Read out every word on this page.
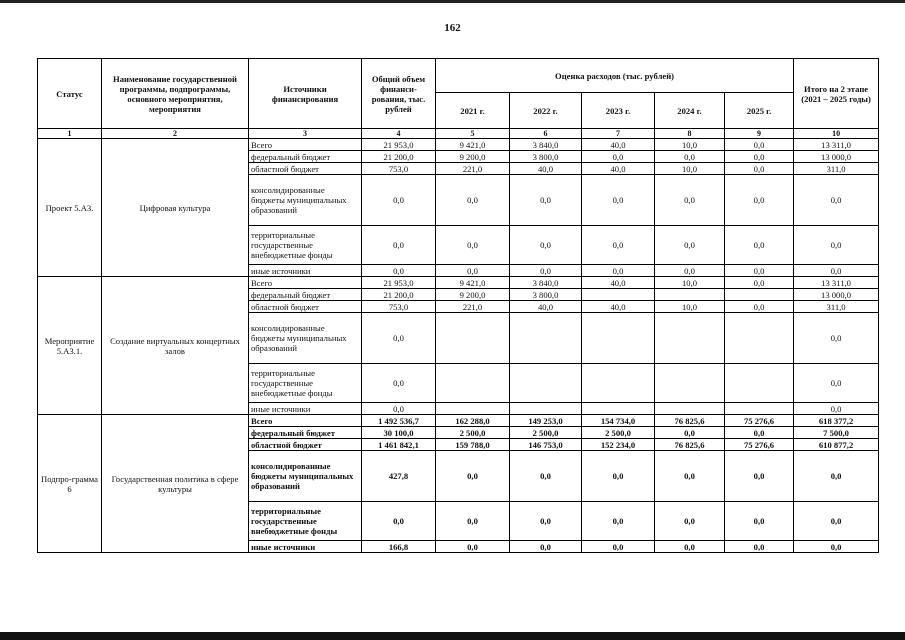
162
Статус	Наименование государственной программы, подпрограммы, основного мероприятия, мероприятия	Источники финансирования	Общий объем финанси-рования, тыс. рублей	Оценка расходов (тыс. рублей)					Итого на 2 этапе (2021 – 2025 годы)
				2021 г.	2022 г.	2023 г.	2024 г.	2025 г.	
1	2	3	4	5	6	7	8	9	10
Проект 5.А3.	Цифровая культура	Всего	21 953,0	9 421,0	3 840,0	40,0	10,0	0,0	13 311,0
		федеральный бюджет	21 200,0	9 200,0	3 800,0	0,0	0,0	0,0	13 000,0
		областной бюджет	753,0	221,0	40,0	40,0	10,0	0,0	311,0
		консолидированные бюджеты муниципальных образований	0,0	0,0	0,0	0,0	0,0	0,0	0,0
		территориальные государственные внебюджетные фонды	0,0	0,0	0,0	0,0	0,0	0,0	0,0
		иные источники	0,0	0,0	0,0	0,0	0,0	0,0	0,0
Мероприятие 5.А3.1.	Создание виртуальных концертных залов	Всего	21 953,0	9 421,0	3 840,0	40,0	10,0	0,0	13 311,0
		федеральный бюджет	21 200,0	9 200,0	3 800,0				13 000,0
		областной бюджет	753,0	221,0	40,0	40,0	10,0	0,0	311,0
		консолидированные бюджеты муниципальных образований	0,0						0,0
		территориальные государственные внебюджетные фонды	0,0						0,0
		иные источники	0,0						0,0
Подпро-грамма 6	Государственная политика в сфере культуры	Всего	1 492 536,7	162 288,0	149 253,0	154 734,0	76 825,6	75 276,6	618 377,2
		федеральный бюджет	30 100,0	2 500,0	2 500,0	2 500,0	0,0	0,0	7 500,0
		областной бюджет	1 461 842,1	159 788,0	146 753,0	152 234,0	76 825,6	75 276,6	610 877,2
		консолидированные бюджеты муниципальных образований	427,8	0,0	0,0	0,0	0,0	0,0	0,0
		территориальные государственные внебюджетные фонды	0,0	0,0	0,0	0,0	0,0	0,0	0,0
		иные источники	166,8	0,0	0,0	0,0	0,0	0,0	0,0
